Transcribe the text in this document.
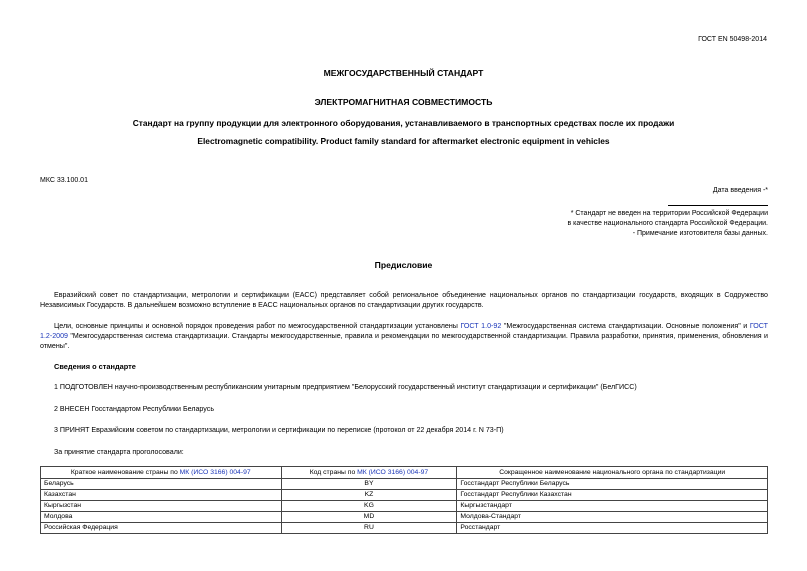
ГОСТ EN 50498-2014
МЕЖГОСУДАРСТВЕННЫЙ СТАНДАРТ
ЭЛЕКТРОМАГНИТНАЯ СОВМЕСТИМОСТЬ
Стандарт на группу продукции для электронного оборудования, устанавливаемого в транспортных средствах после их продажи
Electromagnetic compatibility. Product family standard for aftermarket electronic equipment in vehicles
МКС 33.100.01
Дата введения -*
* Стандарт не введен на территории Российской Федерации
в качестве национального стандарта Российской Федерации.
- Примечание изготовителя базы данных.
Предисловие
Евразийский совет по стандартизации, метрологии и сертификации (ЕАСС) представляет собой региональное объединение национальных органов по стандартизации государств, входящих в Содружество Независимых Государств. В дальнейшем возможно вступление в ЕАСС национальных органов по стандартизации других государств.
Цели, основные принципы и основной порядок проведения работ по межгосударственной стандартизации установлены ГОСТ 1.0-92 "Межгосударственная система стандартизации. Основные положения" и ГОСТ 1.2-2009 "Межгосударственная система стандартизации. Стандарты межгосударственные, правила и рекомендации по межгосударственной стандартизации. Правила разработки, принятия, применения, обновления и отмены".
Сведения о стандарте
1 ПОДГОТОВЛЕН научно-производственным республиканским унитарным предприятием "Белорусский государственный институт стандартизации и сертификации" (БелГИСС)
2 ВНЕСЕН Госстандартом Республики Беларусь
3 ПРИНЯТ Евразийским советом по стандартизации, метрологии и сертификации по переписке (протокол от 22 декабря 2014 г. N 73-П)
За принятие стандарта проголосовали:
Краткое наименование страны по МК (ИСО 3166) 004-97	Код страны по МК (ИСО 3166) 004-97	Сокращенное наименование национального органа по стандартизации
Беларусь	BY	Госстандарт Республики Беларусь
Казахстан	KZ	Госстандарт Республики Казахстан
Кыргызстан	KG	Кыргызстандарт
Молдова	MD	Молдова-Стандарт
Российская Федерация	RU	Росстандарт
